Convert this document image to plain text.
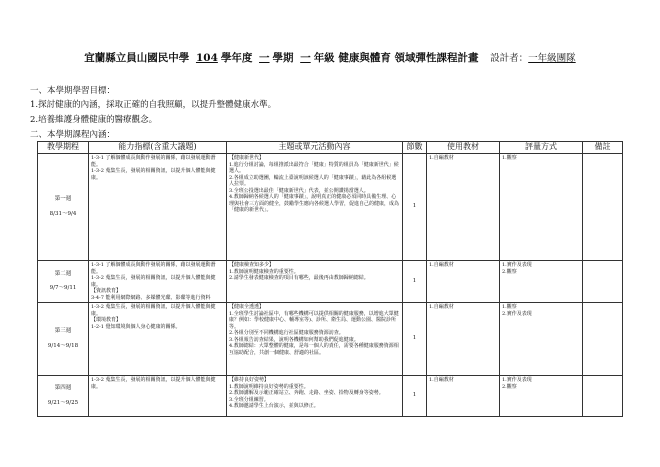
宜蘭縣立員山國民中學 104 學年度 一 學期 一 年級 健康與體育 領域彈性課程計畫 設計者：一年級團隊
一、本學期學習目標：
1.探討健康的內涵，採取正確的自我照顧，以提升整體健康水準。
2.培養維護身體健康的醫療觀念。
二、本學期課程內涵：
教學期程	能力指標(含重大議題)	主題或單元活動內容	節數	使用教材	評量方式	備註

第一週

8/31～9/4	1-3-1 了解個體成長與動作發展的關係，藉以發展運動潛能。
1-3-2 蒐集生長，發展的相關資訊，以提升個人體能與健康。	【健康新世代】
1.進行分組討論，每組推派出最符合「健康」特質的組員為「健康新世代」候選人。
2.各組成立助選團，輪流上臺說明該候選人的「健康事蹟」，藉此為各組候選人拉票。
3.全班公投選出最佳「健康新世代」代表，並公開讚揚當選人。
4.教師歸納各候選人的「健康事蹟」，說明真正的健康必須同時具備生理、心理與社會三方面的健全，鼓勵學生應向各候選人學習，促進自己的健康，成為「健康的新世代」。	1	1.自編教材	1.觀察	

第二週

9/7～9/11	1-3-1 了解個體成長與動作發展的關係，藉以發展運動潛能。
1-3-2 蒐集生長，發展的相關資訊，以提升個人體能與健康。
【資訊教育】
3-4-7 能利用網際網路、多媒體光碟、影碟等進行資料	【健康檢查知多少】
1.教師說明健康檢查的重要性。
2.請學生發表健康檢查的項目有哪些，最後再由教師歸納總結。	1	1.自編教材	1.實作及表現
2.觀察	

第三週

9/14～9/18	1-3-2 蒐集生長，發展的相關資訊，以提升個人體能與健康。
【環境教育】
1-2-1 覺知環境與個人身心健康的關係。	【健康全透透】
1.全班學生討論社區中，有哪些機構可以提供相關的健康服務，以增進大眾健康？例如：學校健康中心、輔導室等)、診所、衛生局、運動公園、醫院診所等。
2.各組分別至不同機構進行社區健康服務資源訪查。
3.各組報告訪查結果，說明各機構如何幫助我們促進健康。
4.教師總結：大眾整體的健康，是每一個人的責任，需要各種健康服務資源相互協助配合，共創一個健康、舒適的社區。	1	1.自編教材	1.觀察
2.實作及表現	

第四週

9/21～9/25	1-3-2 蒐集生長，發展的相關資訊，以提升個人體能與健康。	【維持良好姿勢】
1.教師說明維持良好姿勢的重要性。
2.教師講解及示範正確站立、奔跑、走路、坐姿、拾物及轉身等姿勢。
3.全班分組練習。
4.教師邀請學生上台演示，並與以修正。	1	1.自編教材	1.實作及表現
2.觀察	
